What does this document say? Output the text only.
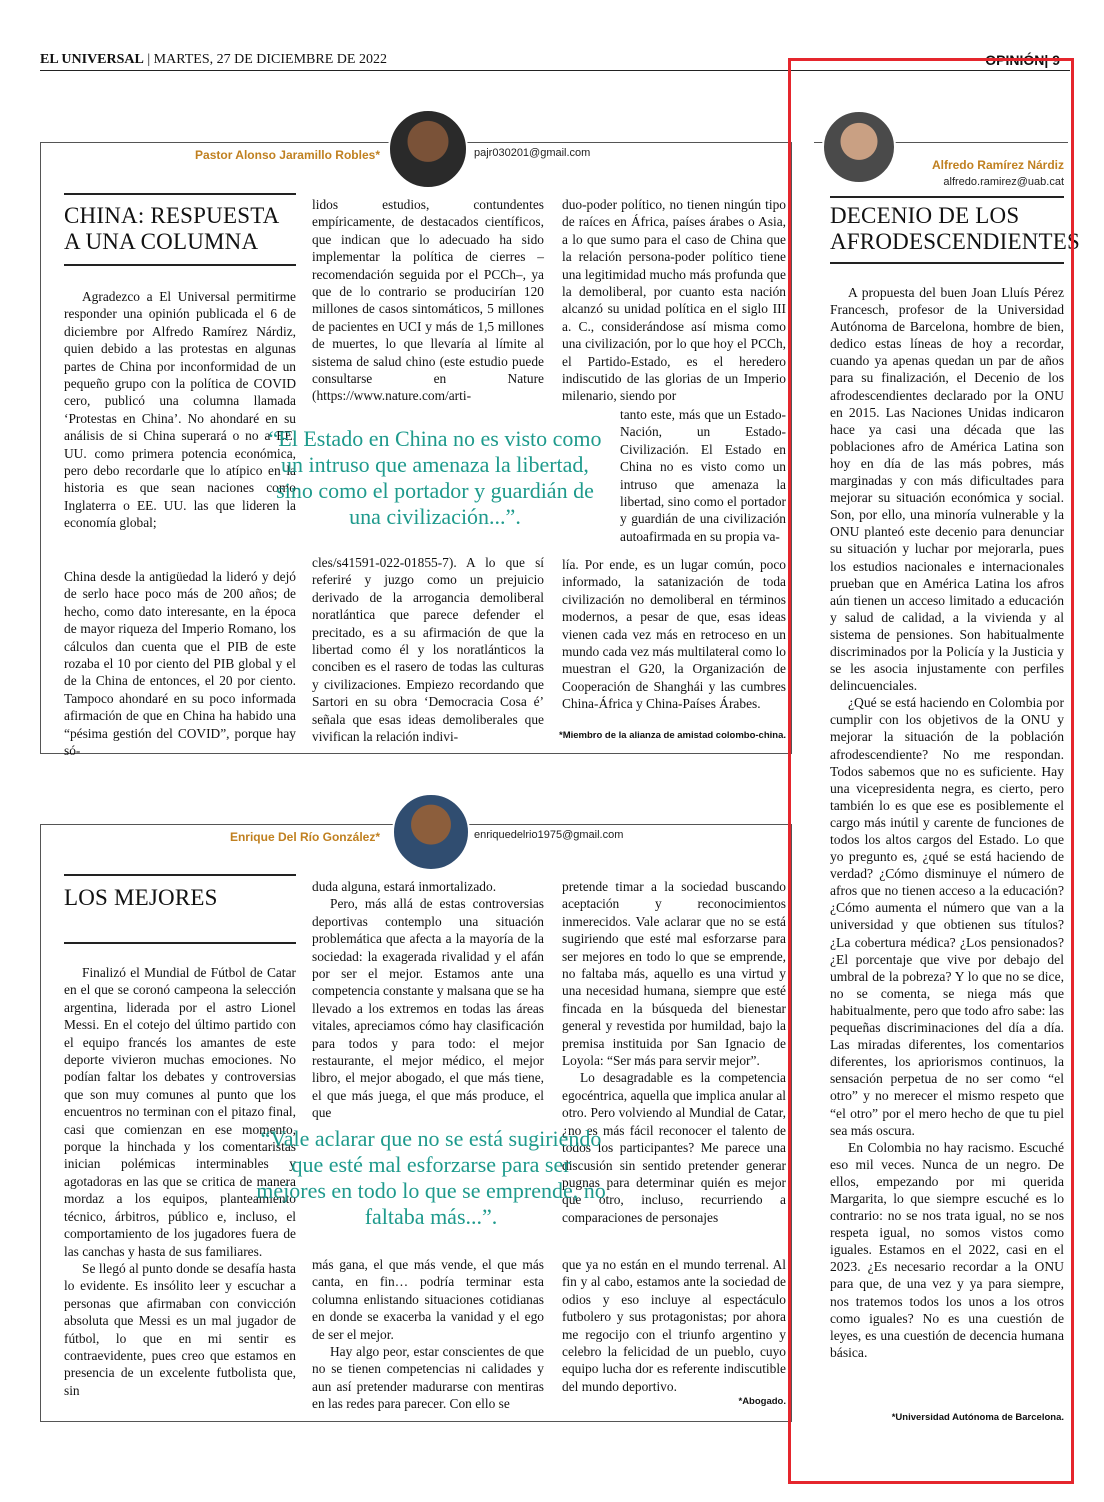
EL UNIVERSAL | MARTES, 27 DE DICIEMBRE DE 2022	OPINIÓN| 9
Pastor Alonso Jaramillo Robles*	pajr030201@gmail.com
CHINA: RESPUESTA
A UNA COLUMNA

Agradezco a El Universal permitirme responder una opinión publicada el 6 de diciembre por Alfredo Ramírez Nárdiz, quien debido a las protestas en algunas partes de China por inconformidad de un pequeño grupo con la política de COVID cero, publicó una columna llamada ‘Protestas en China’. No ahondaré en su análisis de si China superará o no a EE. UU. como primera potencia económica, pero debo recordarle que lo atípico en la historia es que sean naciones como Inglaterra o EE. UU. las que lideren la economía global;

China desde la antigüedad la lideró y dejó de serlo hace poco más de 200 años; de hecho, como dato interesante, en la época de mayor riqueza del Imperio Romano, los cálculos dan cuenta que el PIB de este rozaba el 10 por ciento del PIB global y el de la China de entonces, el 20 por ciento. Tampoco ahondaré en su poco informada afirmación de que en China ha habido una “pésima gestión del COVID”, porque hay só-

lidos estudios, contundentes empíricamente, de destacados científicos, que indican que lo adecuado ha sido implementar la política de cierres –recomendación seguida por el PCCh–, ya que de lo contrario se producirían 120 millones de casos sintomáticos, 5 millones de pacientes en UCI y más de 1,5 millones de muertes, lo que llevaría al límite al sistema de salud chino (este estudio puede consultarse en Nature (https://www.nature.com/arti-

cles/s41591-022-01855-7). A lo que sí referiré y juzgo como un prejuicio derivado de la arrogancia demoliberal noratlántica que parece defender el precitado, es a su afirmación de que la libertad como él y los noratlánticos la conciben es el rasero de todas las culturas y civilizaciones. Empiezo recordando que Sartori en su obra ‘Democracia Cosa é’ señala que esas ideas demoliberales que vivifican la relación indivi-

duo-poder político, no tienen ningún tipo de raíces en África, países árabes o Asia, a lo que sumo para el caso de China que la relación persona-poder político tiene una legitimidad mucho más profunda que la demoliberal, por cuanto esta nación alcanzó su unidad política en el siglo III a. C., considerándose así misma como una civilización, por lo que hoy el PCCh, el Partido-Estado, es el heredero indiscutido de las glorias de un Imperio milenario, siendo por

tanto este, más que un Estado-Nación, un Estado-Civilización. El Estado en China no es visto como un intruso que amenaza la libertad, sino como el portador y guardián de una civilización autoafirmada en su propia va-

lía. Por ende, es un lugar común, poco informado, la satanización de toda civilización no demoliberal en términos modernos, a pesar de que, esas ideas vienen cada vez más en retroceso en un mundo cada vez más multilateral como lo muestran el G20, la Organización de Cooperación de Shanghái y las cumbres China-África y China-Países Árabes.

“El Estado en China no es visto como un intruso que amenaza la libertad, sino como el portador y guardián de una civilización...”.
*Miembro de la alianza de amistad colombo-china.
Enrique Del Río González*	enriquedelrio1975@gmail.com
LOS MEJORES

Finalizó el Mundial de Fútbol de Catar en el que se coronó campeona la selección argentina, liderada por el astro Lionel Messi. En el cotejo del último partido con el equipo francés los amantes de este deporte vivieron muchas emociones. No podían faltar los debates y controversias que son muy comunes al punto que los encuentros no terminan con el pitazo final, casi que comienzan en ese momento, porque la hinchada y los comentaristas inician polémicas interminables y agotadoras en las que se critica de manera mordaz a los equipos, planteamiento técnico, árbitros, público e, incluso, el comportamiento de los jugadores fuera de las canchas y hasta de sus familiares.

Se llegó al punto donde se desafía hasta lo evidente. Es insólito leer y escuchar a personas que afirmaban con convicción absoluta que Messi es un mal jugador de fútbol, lo que en mi sentir es contraevidente, pues creo que estamos en presencia de un excelente futbolista que, sin

duda alguna, estará inmortalizado.

Pero, más allá de estas controversias deportivas contemplo una situación problemática que afecta a la mayoría de la sociedad: la exagerada rivalidad y el afán por ser el mejor. Estamos ante una competencia constante y malsana que se ha llevado a los extremos en todas las áreas vitales, apreciamos cómo hay clasificación para todos y para todo: el mejor restaurante, el mejor médico, el mejor libro, el mejor abogado, el que más tiene, el que más juega, el que más produce, el que

más gana, el que más vende, el que más canta, en fin… podría terminar esta columna enlistando situaciones cotidianas en donde se exacerba la vanidad y el ego de ser el mejor.

Hay algo peor, estar conscientes de que no se tienen competencias ni calidades y aun así pretender madurarse con mentiras en las redes para parecer. Con ello se

pretende timar a la sociedad buscando aceptación y reconocimientos inmerecidos. Vale aclarar que no se está sugiriendo que esté mal esforzarse para ser mejores en todo lo que se emprende, no faltaba más, aquello es una virtud y una necesidad humana, siempre que esté fincada en la búsqueda del bienestar general y revestida por humildad, bajo la premisa instituida por San Ignacio de Loyola: “Ser más para servir mejor”.

Lo desagradable es la competencia egocéntrica, aquella que implica anular al otro. Pero volviendo al Mundial de Catar, ¿no es más fácil reconocer el talento de todos los participantes? Me parece una discusión sin sentido pretender generar pugnas para determinar quién es mejor que otro, incluso, recurriendo a comparaciones de personajes

que ya no están en el mundo terrenal. Al fin y al cabo, estamos ante la sociedad de odios y eso incluye al espectáculo futbolero y sus protagonistas; por ahora me regocijo con el triunfo argentino y celebro la felicidad de un pueblo, cuyo equipo lucha dor es referente indiscutible del mundo deportivo.

“Vale aclarar que no se está sugiriendo que esté mal esforzarse para ser mejores en todo lo que se emprende, no faltaba más...”.
*Abogado.
Alfredo Ramírez Nárdiz
alfredo.ramirez@uab.cat
DECENIO DE LOS
AFRODESCENDIENTES

A propuesta del buen Joan Lluís Pérez Francesch, profesor de la Universidad Autónoma de Barcelona, hombre de bien, dedico estas líneas de hoy a recordar, cuando ya apenas quedan un par de años para su finalización, el Decenio de los afrodescendientes declarado por la ONU en 2015. Las Naciones Unidas indicaron hace ya casi una década que las poblaciones afro de América Latina son hoy en día de las más pobres, más marginadas y con más dificultades para mejorar su situación económica y social. Son, por ello, una minoría vulnerable y la ONU planteó este decenio para denunciar su situación y luchar por mejorarla, pues los estudios nacionales e internacionales prueban que en América Latina los afros aún tienen un acceso limitado a educación y salud de calidad, a la vivienda y al sistema de pensiones. Son habitualmente discriminados por la Policía y la Justicia y se les asocia injustamente con perfiles delincuenciales.

¿Qué se está haciendo en Colombia por cumplir con los objetivos de la ONU y mejorar la situación de la población afrodescendiente? No me respondan. Todos sabemos que no es suficiente. Hay una vicepresidenta negra, es cierto, pero también lo es que ese es posiblemente el cargo más inútil y carente de funciones de todos los altos cargos del Estado. Lo que yo pregunto es, ¿qué se está haciendo de verdad? ¿Cómo disminuye el número de afros que no tienen acceso a la educación? ¿Cómo aumenta el número que van a la universidad y que obtienen sus títulos? ¿La cobertura médica? ¿Los pensionados? ¿El porcentaje que vive por debajo del umbral de la pobreza? Y lo que no se dice, no se comenta, se niega más que habitualmente, pero que todo afro sabe: las pequeñas discriminaciones del día a día. Las miradas diferentes, los comentarios diferentes, los apriorismos continuos, la sensación perpetua de no ser como “el otro” y no merecer el mismo respeto que “el otro” por el mero hecho de que tu piel sea más oscura.

En Colombia no hay racismo. Escuché eso mil veces. Nunca de un negro. De ellos, empezando por mi querida Margarita, lo que siempre escuché es lo contrario: no se nos trata igual, no se nos respeta igual, no somos vistos como iguales. Estamos en el 2022, casi en el 2023. ¿Es necesario recordar a la ONU para que, de una vez y ya para siempre, nos tratemos todos los unos a los otros como iguales? No es una cuestión de leyes, es una cuestión de decencia humana básica.

*Universidad Autónoma de Barcelona.
